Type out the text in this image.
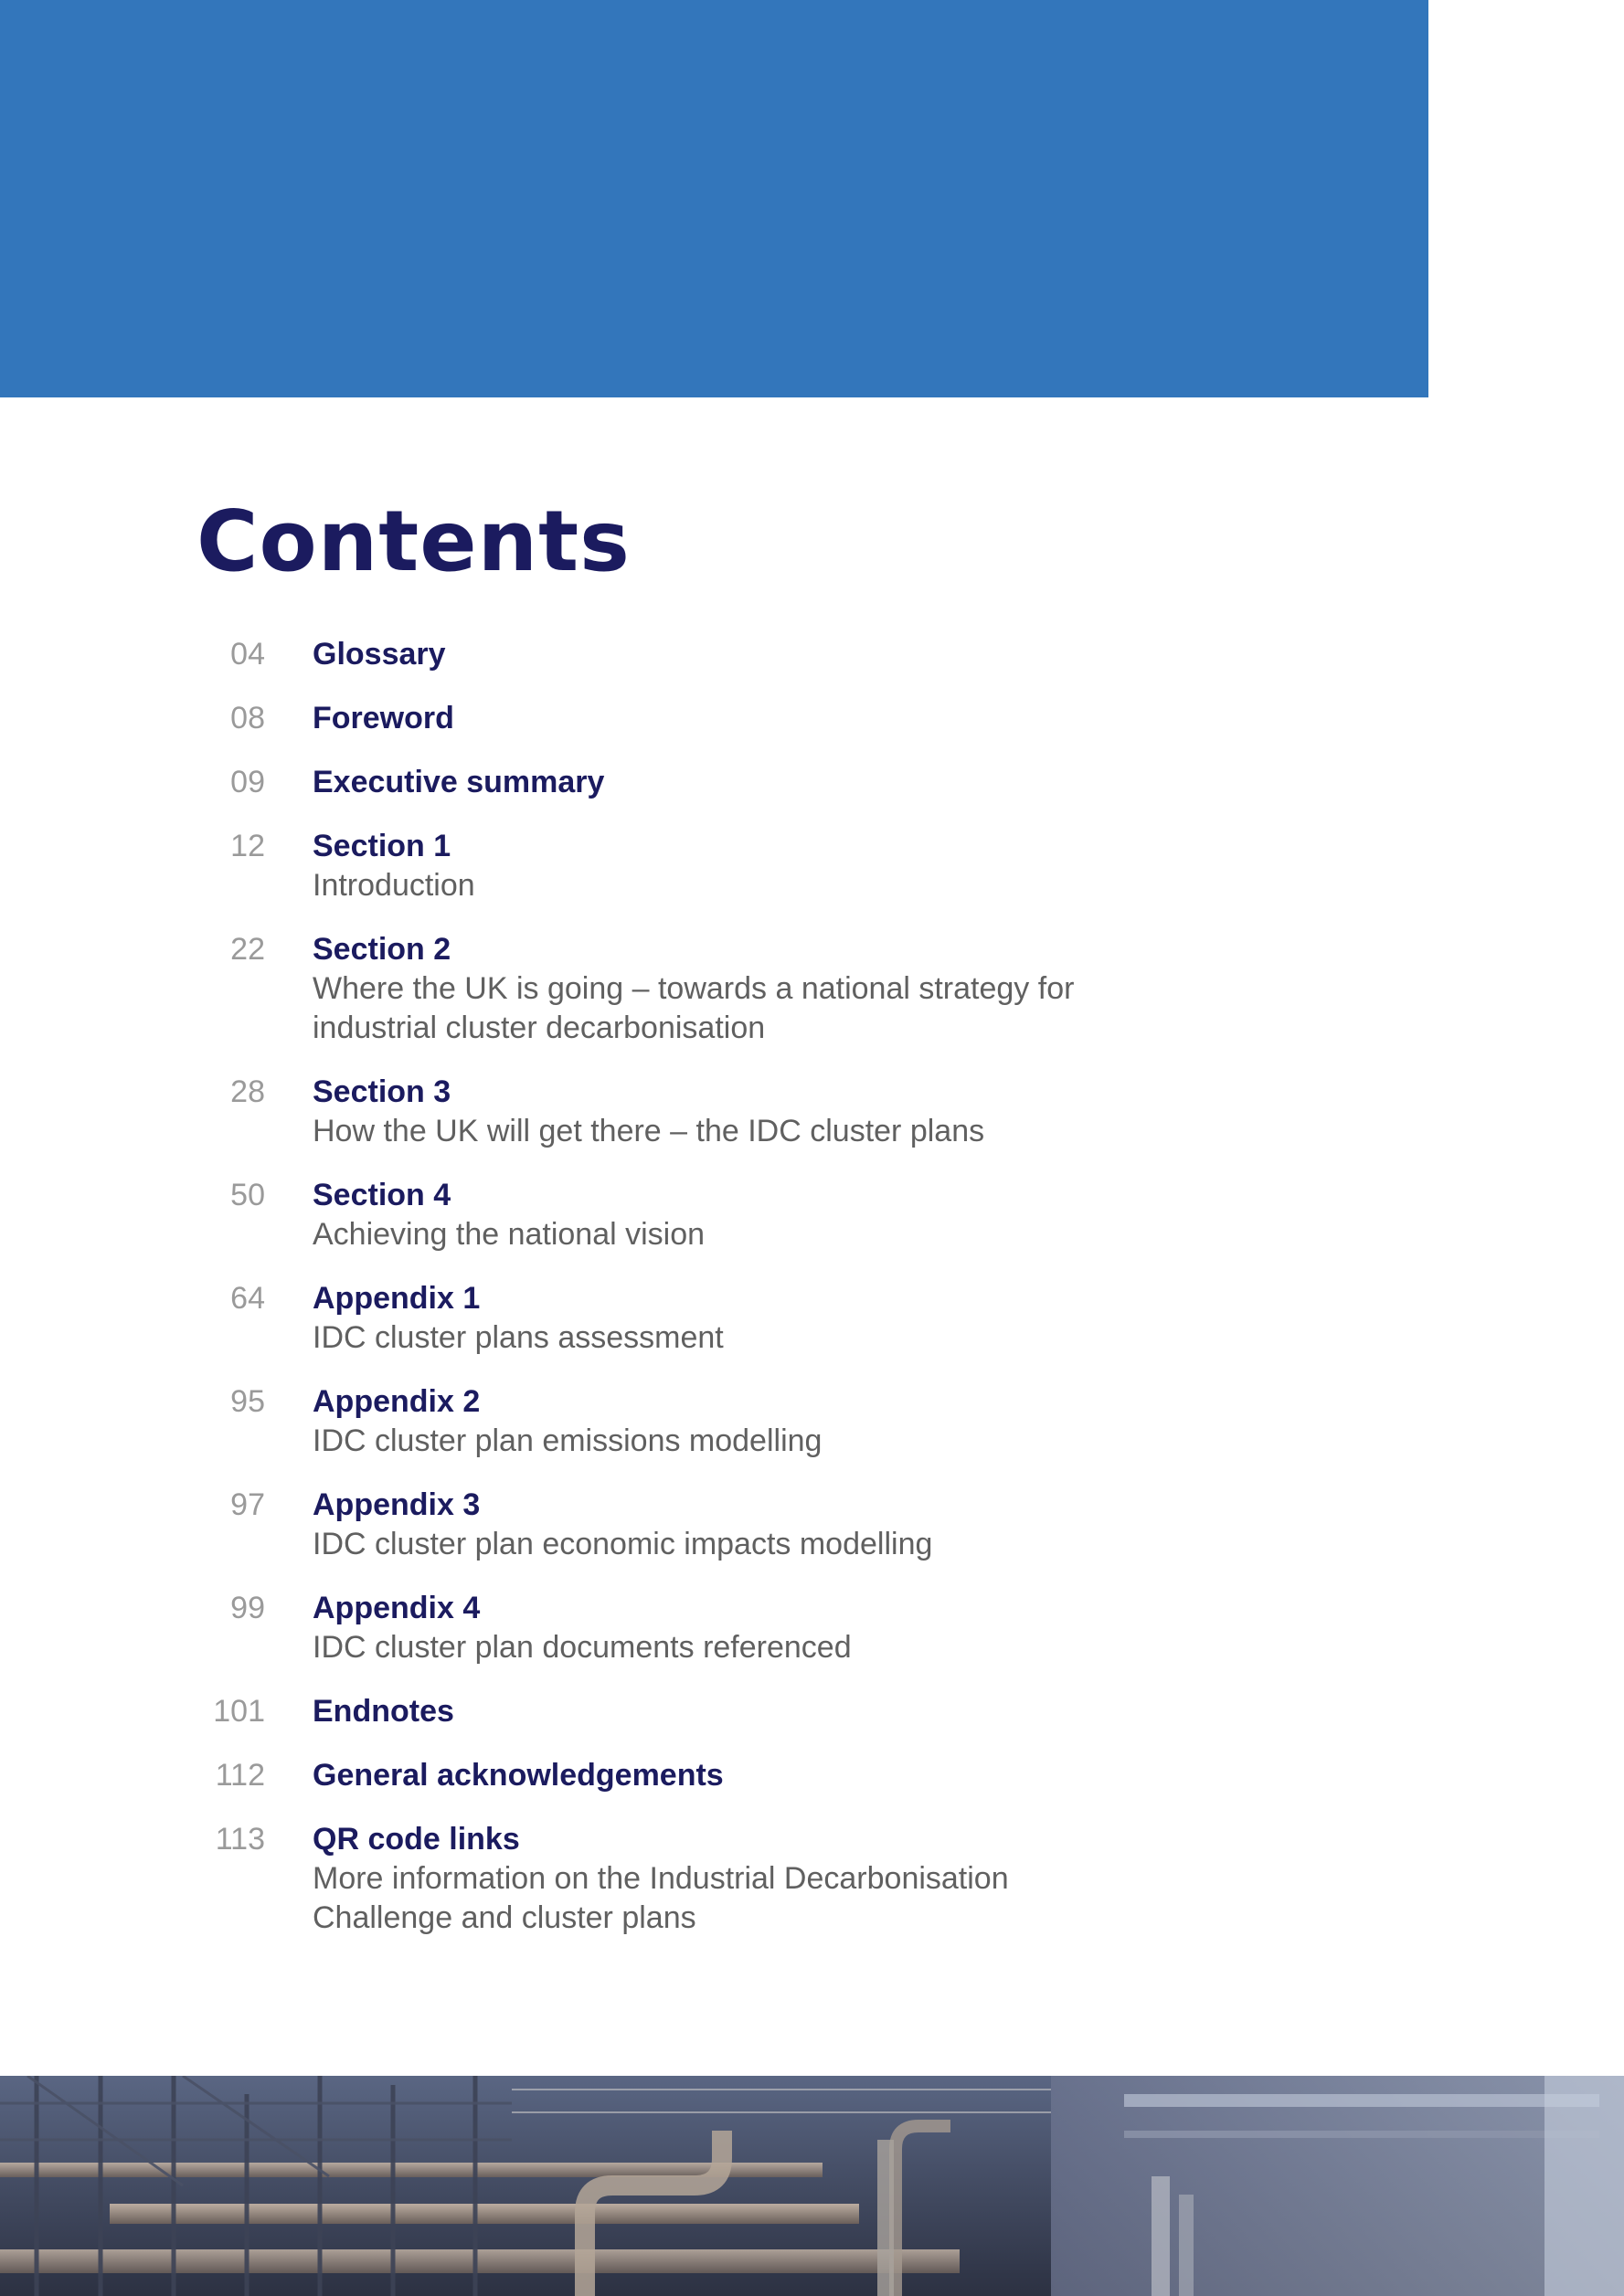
Contents
04 Glossary
08 Foreword
09 Executive summary
12 Section 1
Introduction
22 Section 2
Where the UK is going – towards a national strategy for industrial cluster decarbonisation
28 Section 3
How the UK will get there – the IDC cluster plans
50 Section 4
Achieving the national vision
64 Appendix 1
IDC cluster plans assessment
95 Appendix 2
IDC cluster plan emissions modelling
97 Appendix 3
IDC cluster plan economic impacts modelling
99 Appendix 4
IDC cluster plan documents referenced
101 Endnotes
112 General acknowledgements
113 QR code links
More information on the Industrial Decarbonisation Challenge and cluster plans
